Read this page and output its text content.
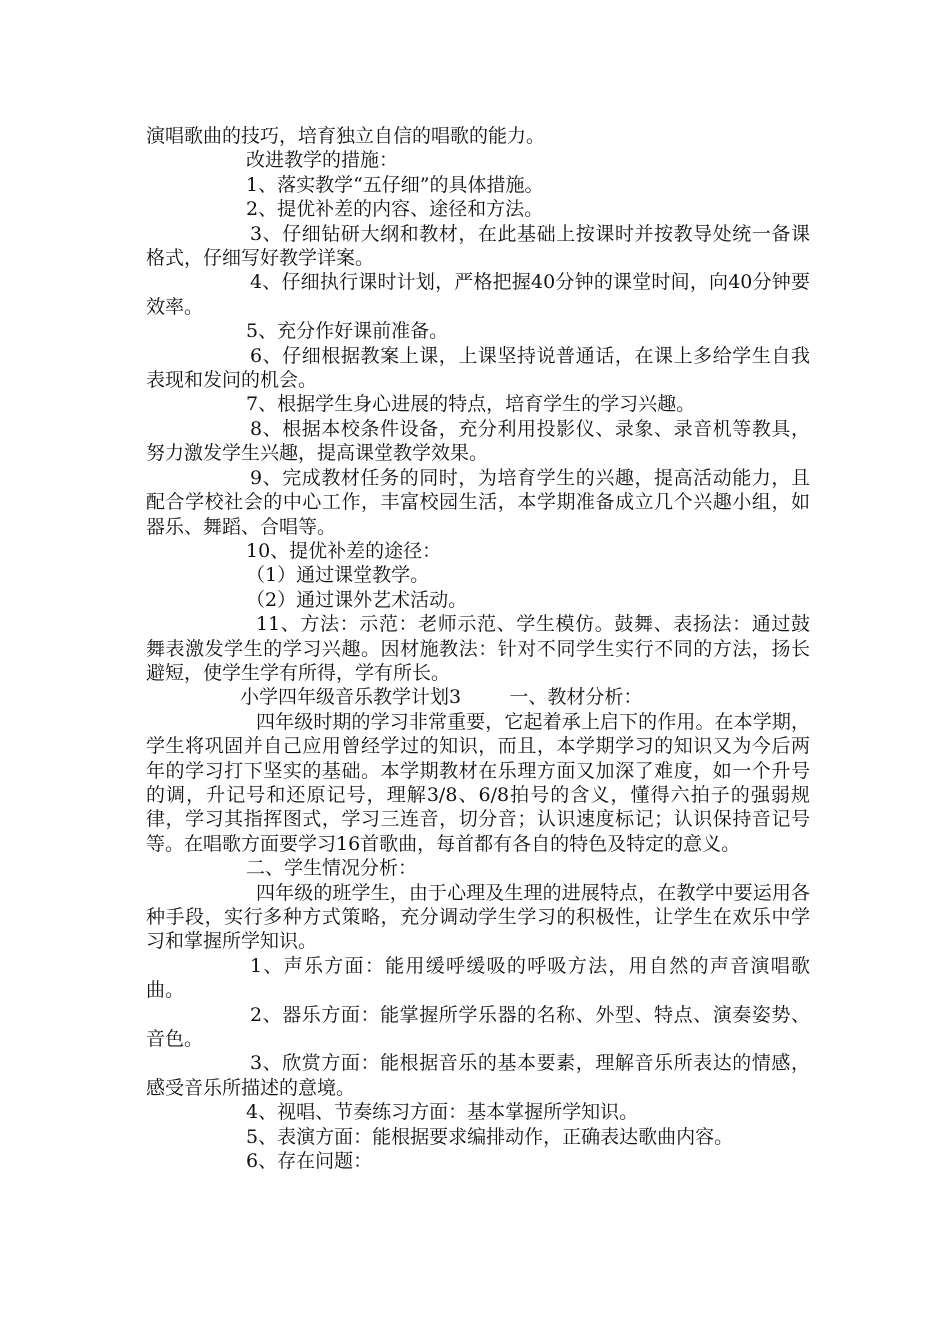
演唱歌曲的技巧，培育独立自信的唱歌的能力。

改进教学的措施：

1、落实教学“五仔细”的具体措施。

2、提优补差的内容、途径和方法。

3、仔细钻研大纲和教材，在此基础上按课时并按教导处统一备课格式，仔细写好教学详案。

4、仔细执行课时计划，严格把握40分钟的课堂时间，向40分钟要效率。

5、充分作好课前准备。

6、仔细根据教案上课，上课坚持说普通话，在课上多给学生自我表现和发问的机会。

7、根据学生身心进展的特点，培育学生的学习兴趣。

8、根据本校条件设备，充分利用投影仪、录象、录音机等教具，努力激发学生兴趣，提高课堂教学效果。

9、完成教材任务的同时，为培育学生的兴趣，提高活动能力，且配合学校社会的中心工作，丰富校园生活，本学期准备成立几个兴趣小组，如器乐、舞蹈、合唱等。

10、提优补差的途径：

（1）通过课堂教学。

（2）通过课外艺术活动。

11、方法：示范：老师示范、学生模仿。鼓舞、表扬法：通过鼓舞表激发学生的学习兴趣。因材施教法：针对不同学生实行不同的方法，扬长避短，使学生学有所得，学有所长。

小学四年级音乐教学计划3        一、教材分析：

四年级时期的学习非常重要，它起着承上启下的作用。在本学期，学生将巩固并自己应用曾经学过的知识，而且，本学期学习的知识又为今后两年的学习打下坚实的基础。本学期教材在乐理方面又加深了难度，如一个升号的调，升记号和还原记号，理解3/8、6/8拍号的含义，懂得六拍子的强弱规律，学习其指挥图式，学习三连音，切分音；认识速度标记；认识保持音记号等。在唱歌方面要学习16首歌曲，每首都有各自的特色及特定的意义。

二、学生情况分析：

四年级的班学生，由于心理及生理的进展特点，在教学中要运用各种手段，实行多种方式策略，充分调动学生学习的积极性，让学生在欢乐中学习和掌握所学知识。

1、声乐方面：能用缓呼缓吸的呼吸方法，用自然的声音演唱歌曲。

2、器乐方面：能掌握所学乐器的名称、外型、特点、演奏姿势、音色。

3、欣赏方面：能根据音乐的基本要素，理解音乐所表达的情感，感受音乐所描述的意境。

4、视唱、节奏练习方面：基本掌握所学知识。

5、表演方面：能根据要求编排动作，正确表达歌曲内容。

6、存在问题：
